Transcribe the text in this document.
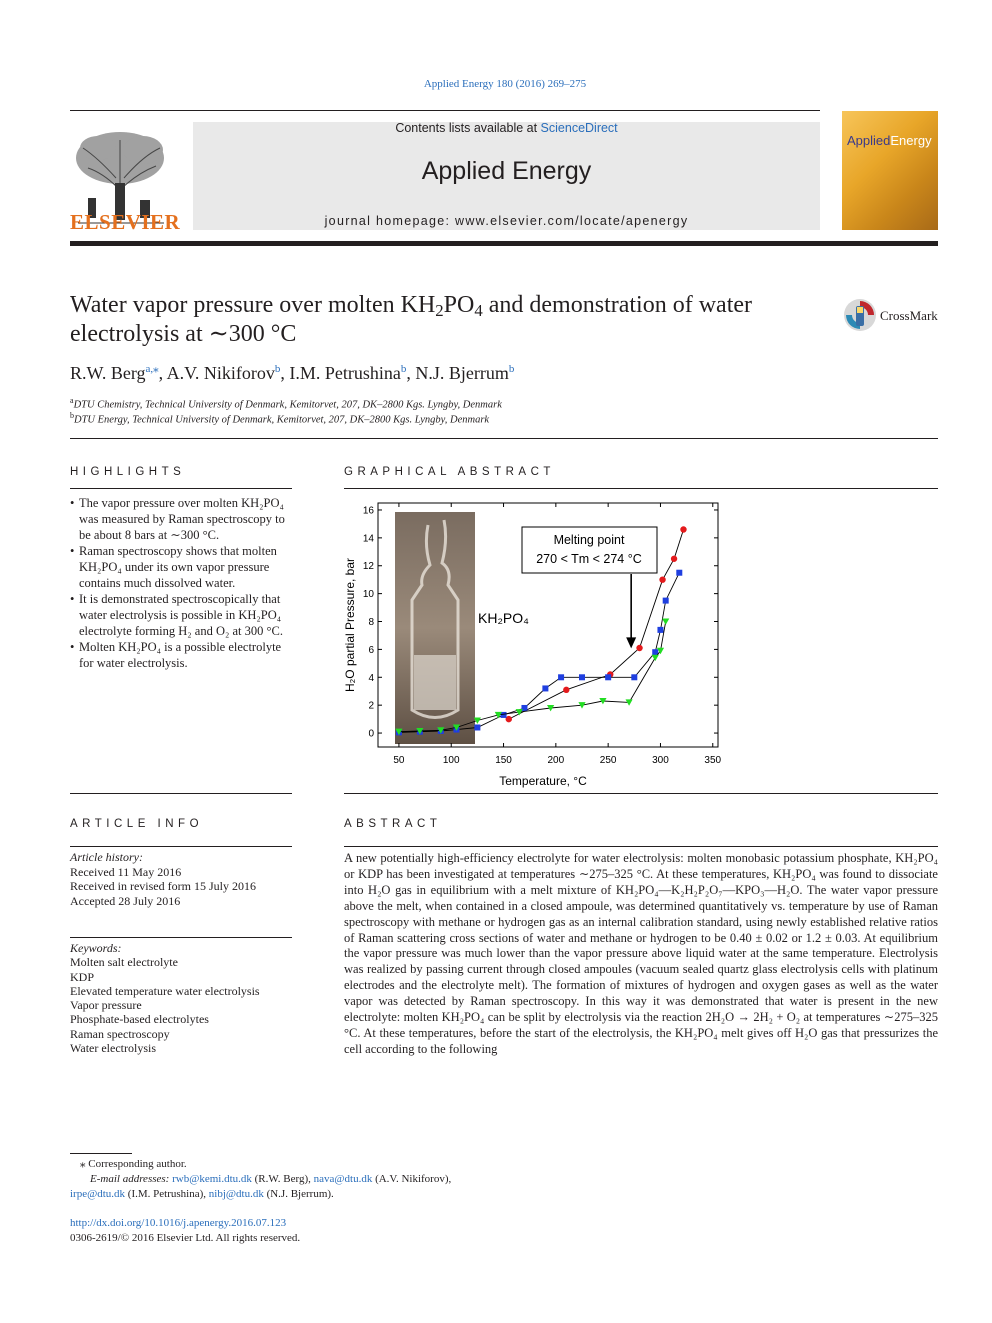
Applied Energy 180 (2016) 269–275
Contents lists available at ScienceDirect
Applied Energy
journal homepage: www.elsevier.com/locate/apenergy
ELSEVIER
AppliedEnergy
Water vapor pressure over molten $KH_2PO_4$ and demonstration of water electrolysis at ∼300 °C
CrossMark
R.W. Berg$^{a,⁎}$, A.V. Nikiforov$^b$, I.M. Petrushina$^b$, N.J. Bjerrum$^b$
$^a$DTU Chemistry, Technical University of Denmark, Kemitorvet, 207, DK–2800 Kgs. Lyngby, Denmark
$^b$DTU Energy, Technical University of Denmark, Kemitorvet, 207, DK–2800 Kgs. Lyngby, Denmark
HIGHLIGHTS	GRAPHICAL ABSTRACT
• The vapor pressure over molten KH₂PO₄ was measured by Raman spectroscopy to be about 8 bars at ∼300 °C.
• Raman spectroscopy shows that molten KH₂PO₄ under its own vapor pressure contains much dissolved water.
• It is demonstrated spectroscopically that water electrolysis is possible in KH₂PO₄ electrolyte forming H₂ and O₂ at 300 °C.
• Molten KH₂PO₄ is a possible electrolyte for water electrolysis.
KH₂PO₄
50	100	150	200	250	300	350
0
2
4
6
8
10
12
14
16
Temperature, °C
H₂O partial Pressure, bar
Melting point
270 < Tm < 274 °C
ARTICLE INFO	ABSTRACT
Article history:
Received 11 May 2016
Received in revised form 15 July 2016
Accepted 28 July 2016
Keywords:
Molten salt electrolyte
KDP
Elevated temperature water electrolysis
Vapor pressure
Phosphate-based electrolytes
Raman spectroscopy
Water electrolysis
A new potentially high-efficiency electrolyte for water electrolysis: molten monobasic potassium phosphate, KH₂PO₄ or KDP has been investigated at temperatures ∼275–325 °C. At these temperatures, KH₂PO₄ was found to dissociate into H₂O gas in equilibrium with a melt mixture of KH₂PO₄—K₂H₂P₂O₇—KPO₃—H₂O. The water vapor pressure above the melt, when contained in a closed ampoule, was determined quantitatively vs. temperature by use of Raman spectroscopy with methane or hydrogen gas as an internal calibration standard, using newly established relative ratios of Raman scattering cross sections of water and methane or hydrogen to be 0.40 ± 0.02 or 1.2 ± 0.03. At equilibrium the vapor pressure was much lower than the vapor pressure above liquid water at the same temperature. Electrolysis was realized by passing current through closed ampoules (vacuum sealed quartz glass electrolysis cells with platinum electrodes and the electrolyte melt). The formation of mixtures of hydrogen and oxygen gases as well as the water vapor was detected by Raman spectroscopy. In this way it was demonstrated that water is present in the new electrolyte: molten KH₂PO₄ can be split by electrolysis via the reaction 2H₂O → 2H₂ + O₂ at temperatures ∼275–325 °C. At these temperatures, before the start of the electrolysis, the KH₂PO₄ melt gives off H₂O gas that pressurizes the cell according to the following
⁎ Corresponding author.
E-mail addresses: rwb@kemi.dtu.dk (R.W. Berg), nava@dtu.dk (A.V. Nikiforov),
irpe@dtu.dk (I.M. Petrushina), nibj@dtu.dk (N.J. Bjerrum).
http://dx.doi.org/10.1016/j.apenergy.2016.07.123
0306-2619/© 2016 Elsevier Ltd. All rights reserved.
